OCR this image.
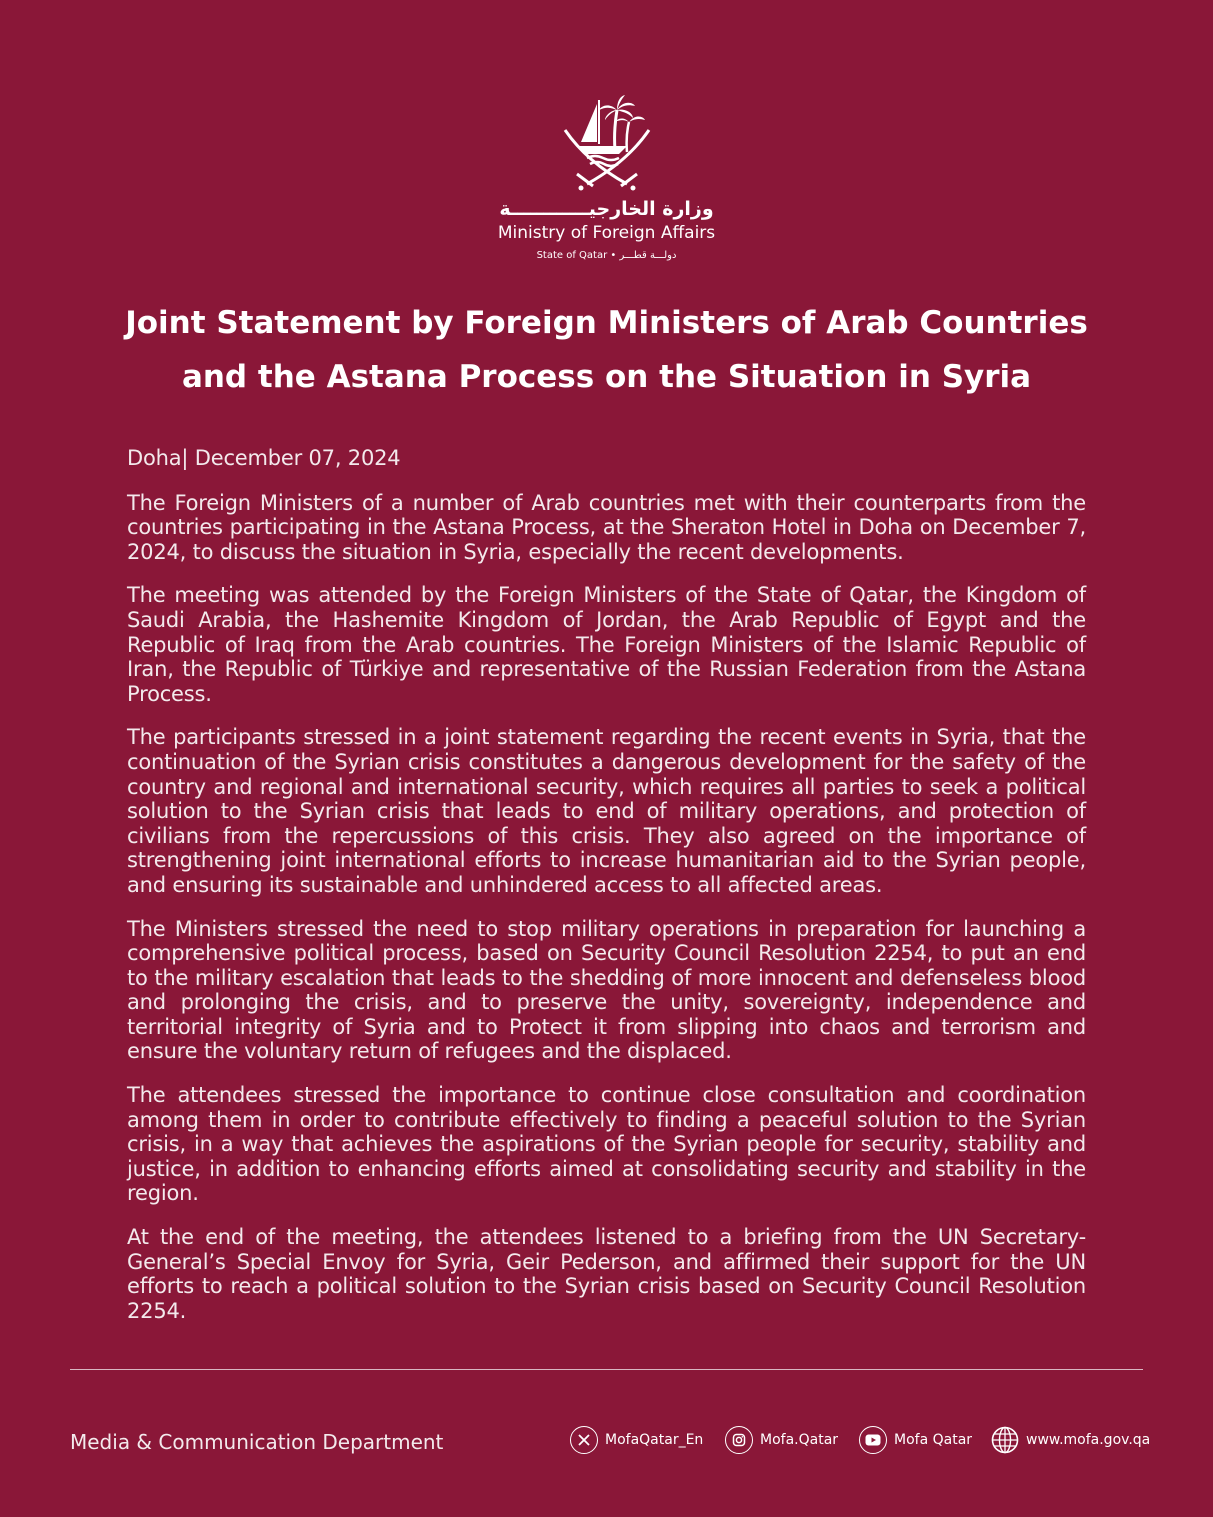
وزارة الخارجيــــــــــــة
Ministry of Foreign Affairs
State of Qatar • دولـــة قطـــر
Joint Statement by Foreign Ministers of Arab Countries
and the Astana Process on the Situation in Syria

Doha| December 07, 2024

The Foreign Ministers of a number of Arab countries met with their counterparts from the countries participating in the Astana Process, at the Sheraton Hotel in Doha on December 7, 2024, to discuss the situation in Syria, especially the recent developments.

The meeting was attended by the Foreign Ministers of the State of Qatar, the Kingdom of Saudi Arabia, the Hashemite Kingdom of Jordan, the Arab Republic of Egypt and the Republic of Iraq from the Arab countries. The Foreign Ministers of the Islamic Republic of Iran, the Republic of Türkiye and representative of the Russian Federation from the Astana Process.

The participants stressed in a joint statement regarding the recent events in Syria, that the continuation of the Syrian crisis constitutes a dangerous development for the safety of the country and regional and international security, which requires all parties to seek a political solution to the Syrian crisis that leads to end of military operations, and protection of civilians from the repercussions of this crisis. They also agreed on the importance of strengthening joint international efforts to increase humanitarian aid to the Syrian people, and ensuring its sustainable and unhindered access to all affected areas.

The Ministers stressed the need to stop military operations in preparation for launching a comprehensive political process, based on Security Council Resolution 2254, to put an end to the military escalation that leads to the shedding of more innocent and defenseless blood and prolonging the crisis, and to preserve the unity, sovereignty, independence and territorial integrity of Syria and to Protect it from slipping into chaos and terrorism and ensure the voluntary return of refugees and the displaced.

The attendees stressed the importance to continue close consultation and coordination among them in order to contribute effectively to finding a peaceful solution to the Syrian crisis, in a way that achieves the aspirations of the Syrian people for security, stability and justice, in addition to enhancing efforts aimed at consolidating security and stability in the region.

At the end of the meeting, the attendees listened to a briefing from the UN Secretary-General’s Special Envoy for Syria, Geir Pederson, and affirmed their support for the UN efforts to reach a political solution to the Syrian crisis based on Security Council Resolution 2254.

Media & Communication Department	MofaQatar_En	Mofa.Qatar	Mofa Qatar	www.mofa.gov.qa
